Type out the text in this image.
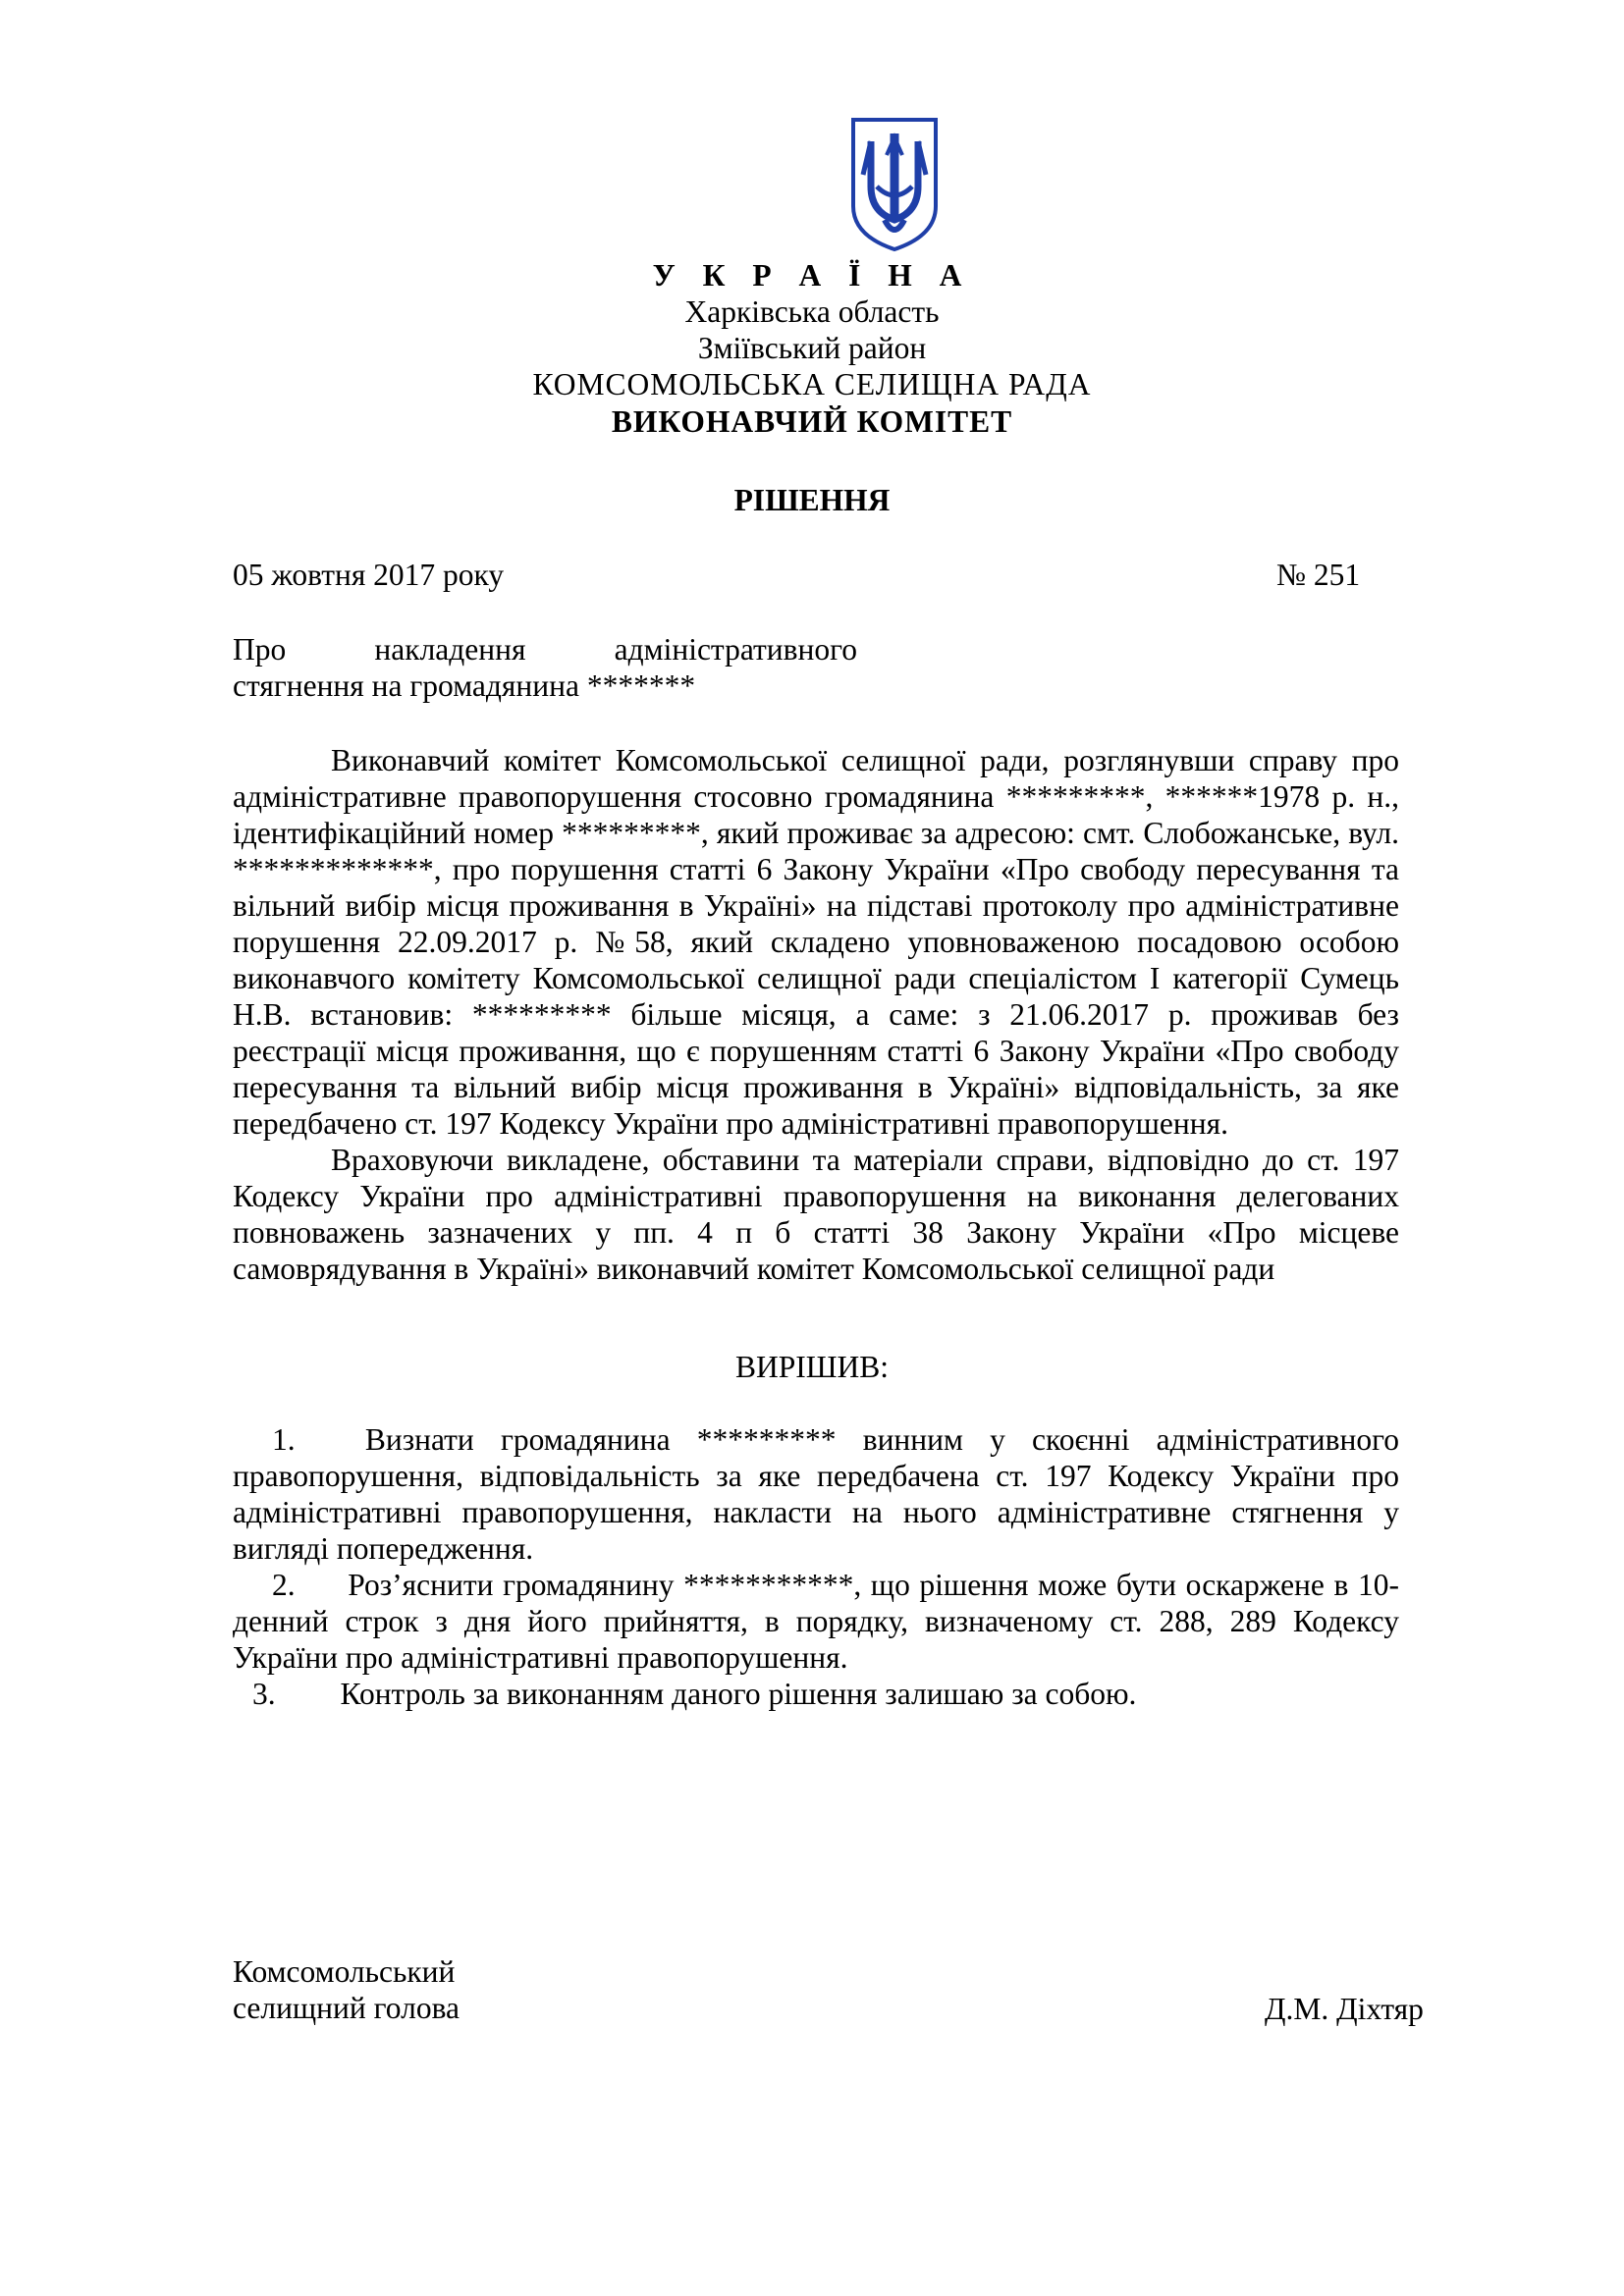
У К Р А Ї Н А
Харківська область
Зміївський район
КОМСОМОЛЬСЬКА СЕЛИЩНА РАДА
ВИКОНАВЧИЙ КОМІТЕТ
РІШЕННЯ
05 жовтня 2017 року	№ 251
Про накладення адміністративного
стягнення на громадянина *******

Виконавчий комітет Комсомольської селищної ради, розглянувши справу про адміністративне правопорушення стосовно громадянина *********, ******1978 р. н., ідентифікаційний номер *********, який проживає за адресою: смт. Слобожанське, вул. *************, про порушення статті 6 Закону України «Про свободу пересування та вільний вибір місця проживання в Україні» на підставі протоколу про адміністративне порушення 22.09.2017 р. №58, який складено уповноваженою посадовою особою виконавчого комітету Комсомольської селищної ради спеціалістом І категорії Сумець Н.В. встановив: ********* більше місяця, а саме: з 21.06.2017 р. проживав без реєстрації місця проживання, що є порушенням статті 6 Закону України «Про свободу пересування та вільний вибір місця проживання в Україні» відповідальність, за яке передбачено ст. 197 Кодексу України про адміністративні правопорушення.

Враховуючи викладене, обставини та матеріали справи, відповідно до ст. 197 Кодексу України про адміністративні правопорушення на виконання делегованих повноважень зазначених у пп. 4 п б статті 38 Закону України «Про місцеве самоврядування в Україні» виконавчий комітет Комсомольської селищної ради

ВИРІШИВ:

1. Визнати громадянина ********* винним у скоєнні адміністративного правопорушення, відповідальність за яке передбачена ст. 197 Кодексу України про адміністративні правопорушення, накласти на нього адміністративне стягнення у вигляді попередження.

2. Роз’яснити громадянину ***********, що рішення може бути оскаржене в 10-денний строк з дня його прийняття, в порядку, визначеному ст. 288, 289 Кодексу України про адміністративні правопорушення.

3. Контроль за виконанням даного рішення залишаю за собою.

Комсомольський
селищний голова	Д.М. Діхтяр
